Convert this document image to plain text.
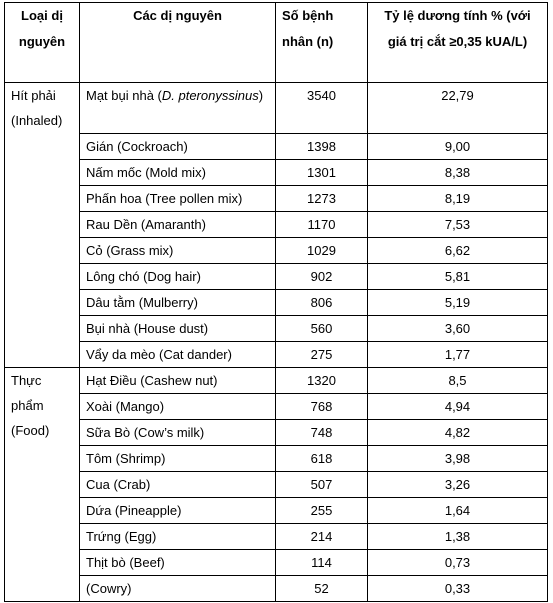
Loại dị nguyên	Các dị nguyên	Số bệnh nhân (n)	Tỷ lệ dương tính % (với giá trị cắt ≥0,35 kUA/L)
Hít phải (Inhaled)	Mạt bụi nhà (D. pteronyssinus)	3540	22,79
	Gián (Cockroach)	1398	9,00
	Nấm mốc (Mold mix)	1301	8,38
	Phấn hoa (Tree pollen mix)	1273	8,19
	Rau Dền (Amaranth)	1170	7,53
	Cỏ (Grass mix)	1029	6,62
	Lông chó (Dog hair)	902	5,81
	Dâu tằm (Mulberry)	806	5,19
	Bụi nhà (House dust)	560	3,60
	Vẩy da mèo (Cat dander)	275	1,77
Thực phẩm (Food)	Hạt Điều (Cashew nut)	1320	8,5
	Xoài (Mango)	768	4,94
	Sữa Bò (Cow’s milk)	748	4,82
	Tôm (Shrimp)	618	3,98
	Cua (Crab)	507	3,26
	Dứa (Pineapple)	255	1,64
	Trứng (Egg)	214	1,38
	Thịt bò (Beef)	114	0,73
	(Cowry)	52	0,33
